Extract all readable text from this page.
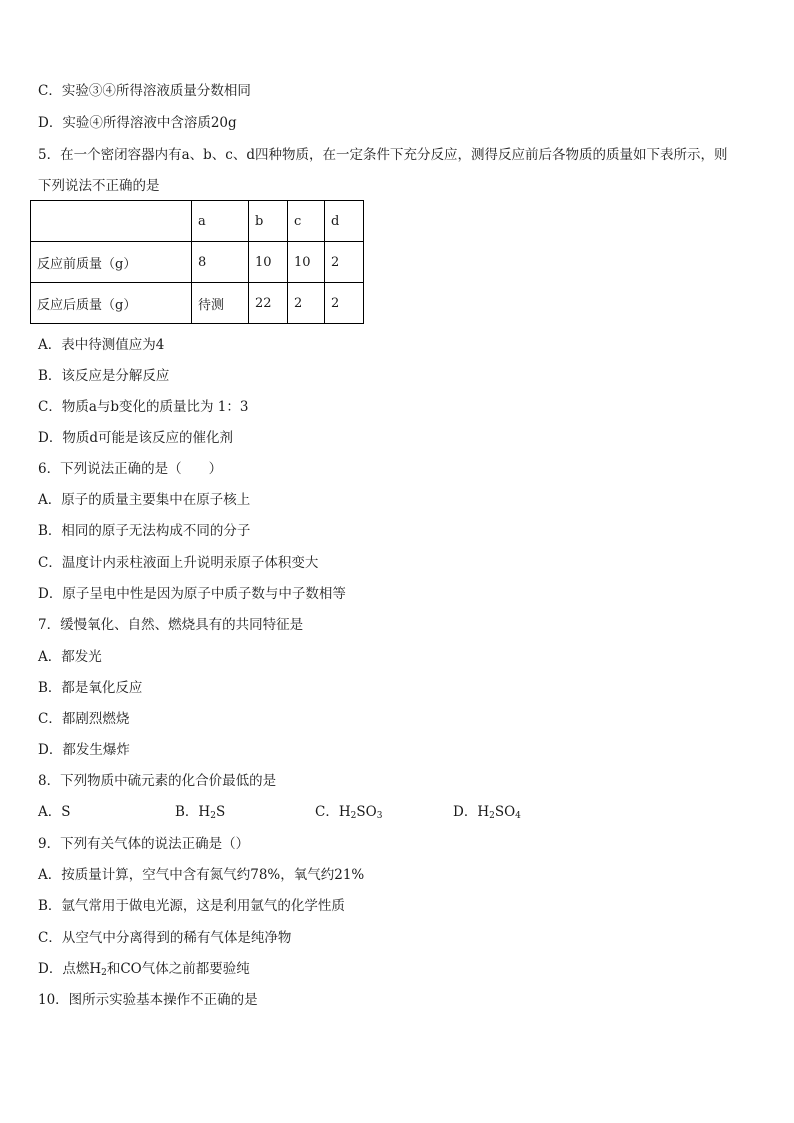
C．实验③④所得溶液质量分数相同
D．实验④所得溶液中含溶质20g
5．在一个密闭容器内有a、b、c、d四种物质，在一定条件下充分反应，测得反应前后各物质的质量如下表所示，则
下列说法不正确的是
	a	b	c	d
反应前质量（g）	8	10	10	2
反应后质量（g）	待测	22	2	2
A．表中待测值应为4
B．该反应是分解反应
C．物质a与b变化的质量比为 1：3
D．物质d可能是该反应的催化剂
6．下列说法正确的是（　　）
A．原子的质量主要集中在原子核上
B．相同的原子无法构成不同的分子
C．温度计内汞柱液面上升说明汞原子体积变大
D．原子呈电中性是因为原子中质子数与中子数相等
7．缓慢氧化、自然、燃烧具有的共同特征是
A．都发光
B．都是氧化反应
C．都剧烈燃烧
D．都发生爆炸
8．下列物质中硫元素的化合价最低的是
A．S	B．$H_2S$	C．$H_2SO_3$	D．$H_2SO_4$
9．下列有关气体的说法正确是（）
A．按质量计算，空气中含有氮气约78%，氧气约21%
B．氩气常用于做电光源，这是利用氩气的化学性质
C．从空气中分离得到的稀有气体是纯净物
D．点燃$H_2$和CO气体之前都要验纯
10．图所示实验基本操作不正确的是
